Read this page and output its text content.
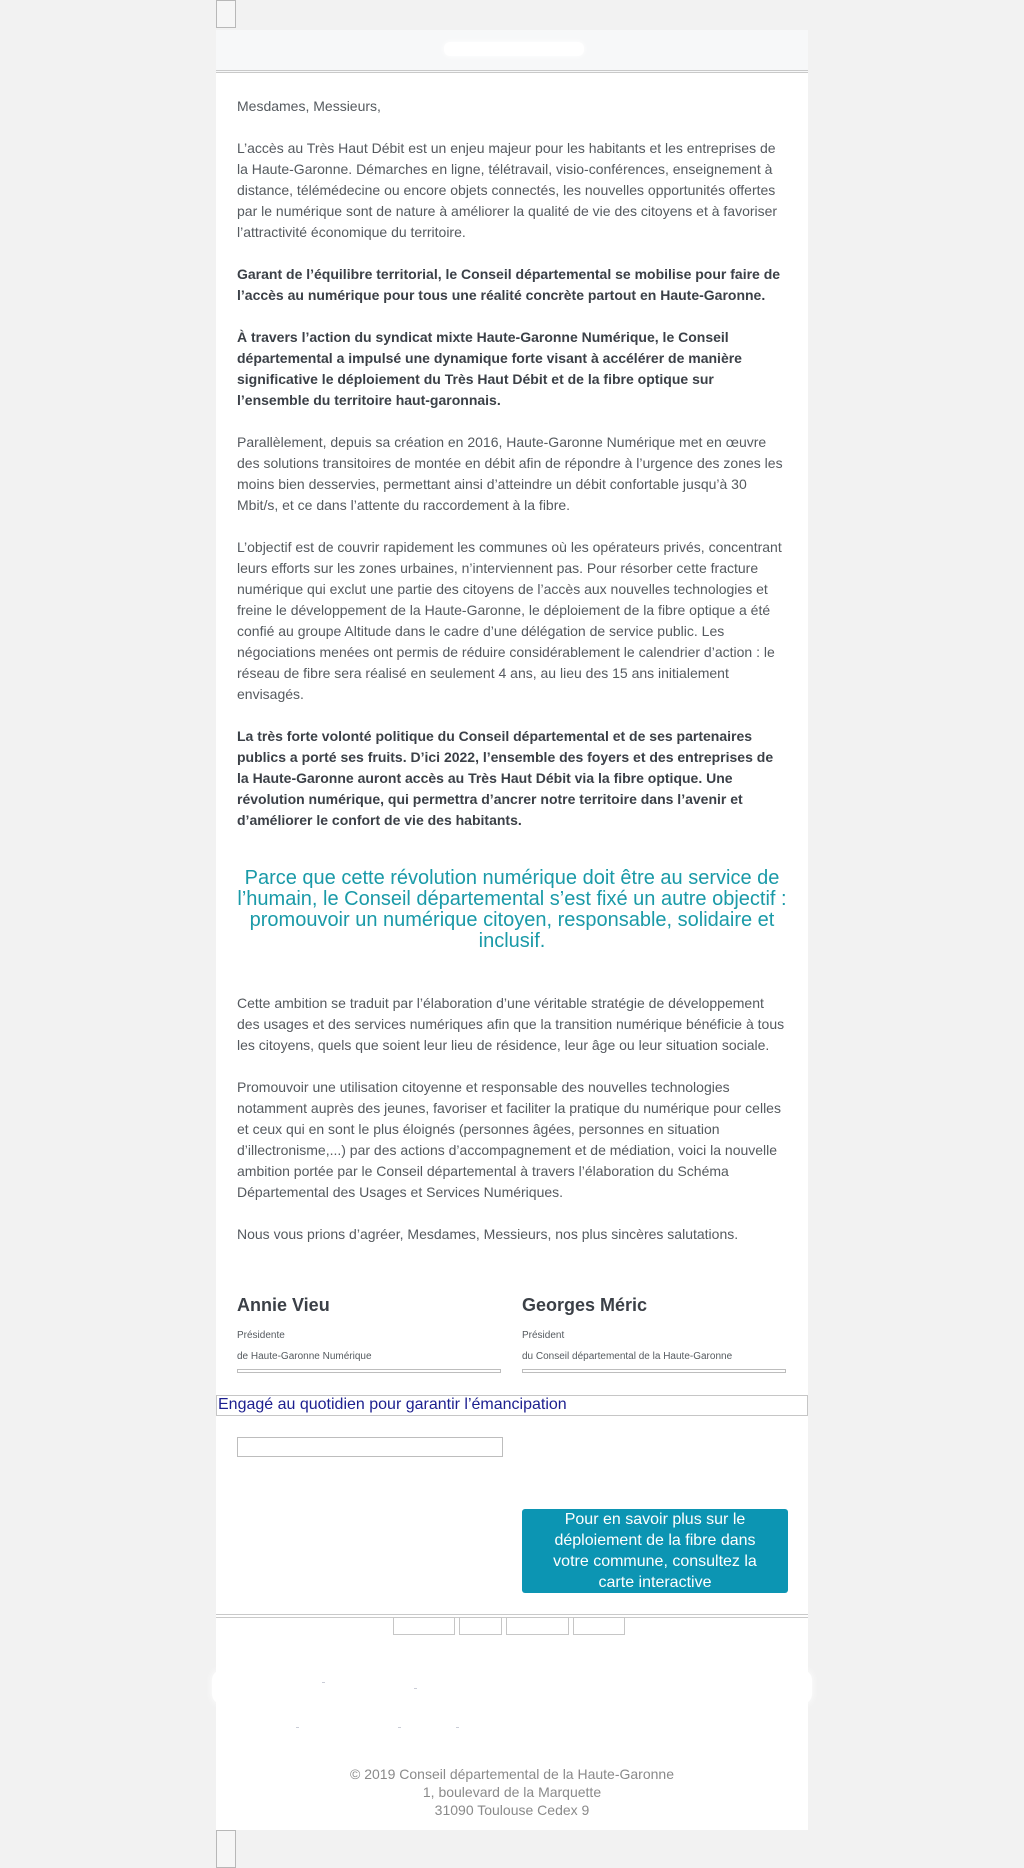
Mesdames, Messieurs,

L’accès au Très Haut Débit est un enjeu majeur pour les habitants et les entreprises de la Haute-Garonne. Démarches en ligne, télétravail, visio-conférences, enseignement à distance, télémédecine ou encore objets connectés, les nouvelles opportunités offertes par le numérique sont de nature à améliorer la qualité de vie des citoyens et à favoriser l’attractivité économique du territoire.

Garant de l’équilibre territorial, le Conseil départemental se mobilise pour faire de l’accès au numérique pour tous une réalité concrète partout en Haute-Garonne.

À travers l’action du syndicat mixte Haute-Garonne Numérique, le Conseil départemental a impulsé une dynamique forte visant à accélérer de manière significative le déploiement du Très Haut Débit et de la fibre optique sur l’ensemble du territoire haut-garonnais.

Parallèlement, depuis sa création en 2016, Haute-Garonne Numérique met en œuvre des solutions transitoires de montée en débit afin de répondre à l’urgence des zones les moins bien desservies, permettant ainsi d’atteindre un débit confortable jusqu’à 30 Mbit/s, et ce dans l’attente du raccordement à la fibre.

L’objectif est de couvrir rapidement les communes où les opérateurs privés, concentrant leurs efforts sur les zones urbaines, n’interviennent pas. Pour résorber cette fracture numérique qui exclut une partie des citoyens de l’accès aux nouvelles technologies et freine le développement de la Haute-Garonne, le déploiement de la fibre optique a été confié au groupe Altitude dans le cadre d’une délégation de service public. Les négociations menées ont permis de réduire considérablement le calendrier d’action : le réseau de fibre sera réalisé en seulement 4 ans, au lieu des 15 ans initialement envisagés.

La très forte volonté politique du Conseil départemental et de ses partenaires publics a porté ses fruits. D’ici 2022, l’ensemble des foyers et des entreprises de la Haute-Garonne auront accès au Très Haut Débit via la fibre optique. Une révolution numérique, qui permettra d’ancrer notre territoire dans l’avenir et d’améliorer le confort de vie des habitants.

Parce que cette révolution numérique doit être au service de l’humain, le Conseil départemental s’est fixé un autre objectif : promouvoir un numérique citoyen, responsable, solidaire et inclusif.

Cette ambition se traduit par l’élaboration d’une véritable stratégie de développement des usages et des services numériques afin que la transition numérique bénéficie à tous les citoyens, quels que soient leur lieu de résidence, leur âge ou leur situation sociale.

Promouvoir une utilisation citoyenne et responsable des nouvelles technologies notamment auprès des jeunes, favoriser et faciliter la pratique du numérique pour celles et ceux qui en sont le plus éloignés (personnes âgées, personnes en situation d’illectronisme,...) par des actions d’accompagnement et de médiation, voici la nouvelle ambition portée par le Conseil départemental à travers l’élaboration du Schéma Départemental des Usages et Services Numériques.

Nous vous prions d’agréer, Mesdames, Messieurs, nos plus sincères salutations.

Annie Vieu

Présidente
de Haute-Garonne Numérique

Georges Méric

Président
du Conseil départemental de la Haute-Garonne
Engagé au quotidien pour garantir l’émancipation
Pour en savoir plus sur le déploiement de la fibre dans votre commune, consultez la carte interactive
© 2019 Conseil départemental de la Haute-Garonne
1, boulevard de la Marquette
31090 Toulouse Cedex 9
